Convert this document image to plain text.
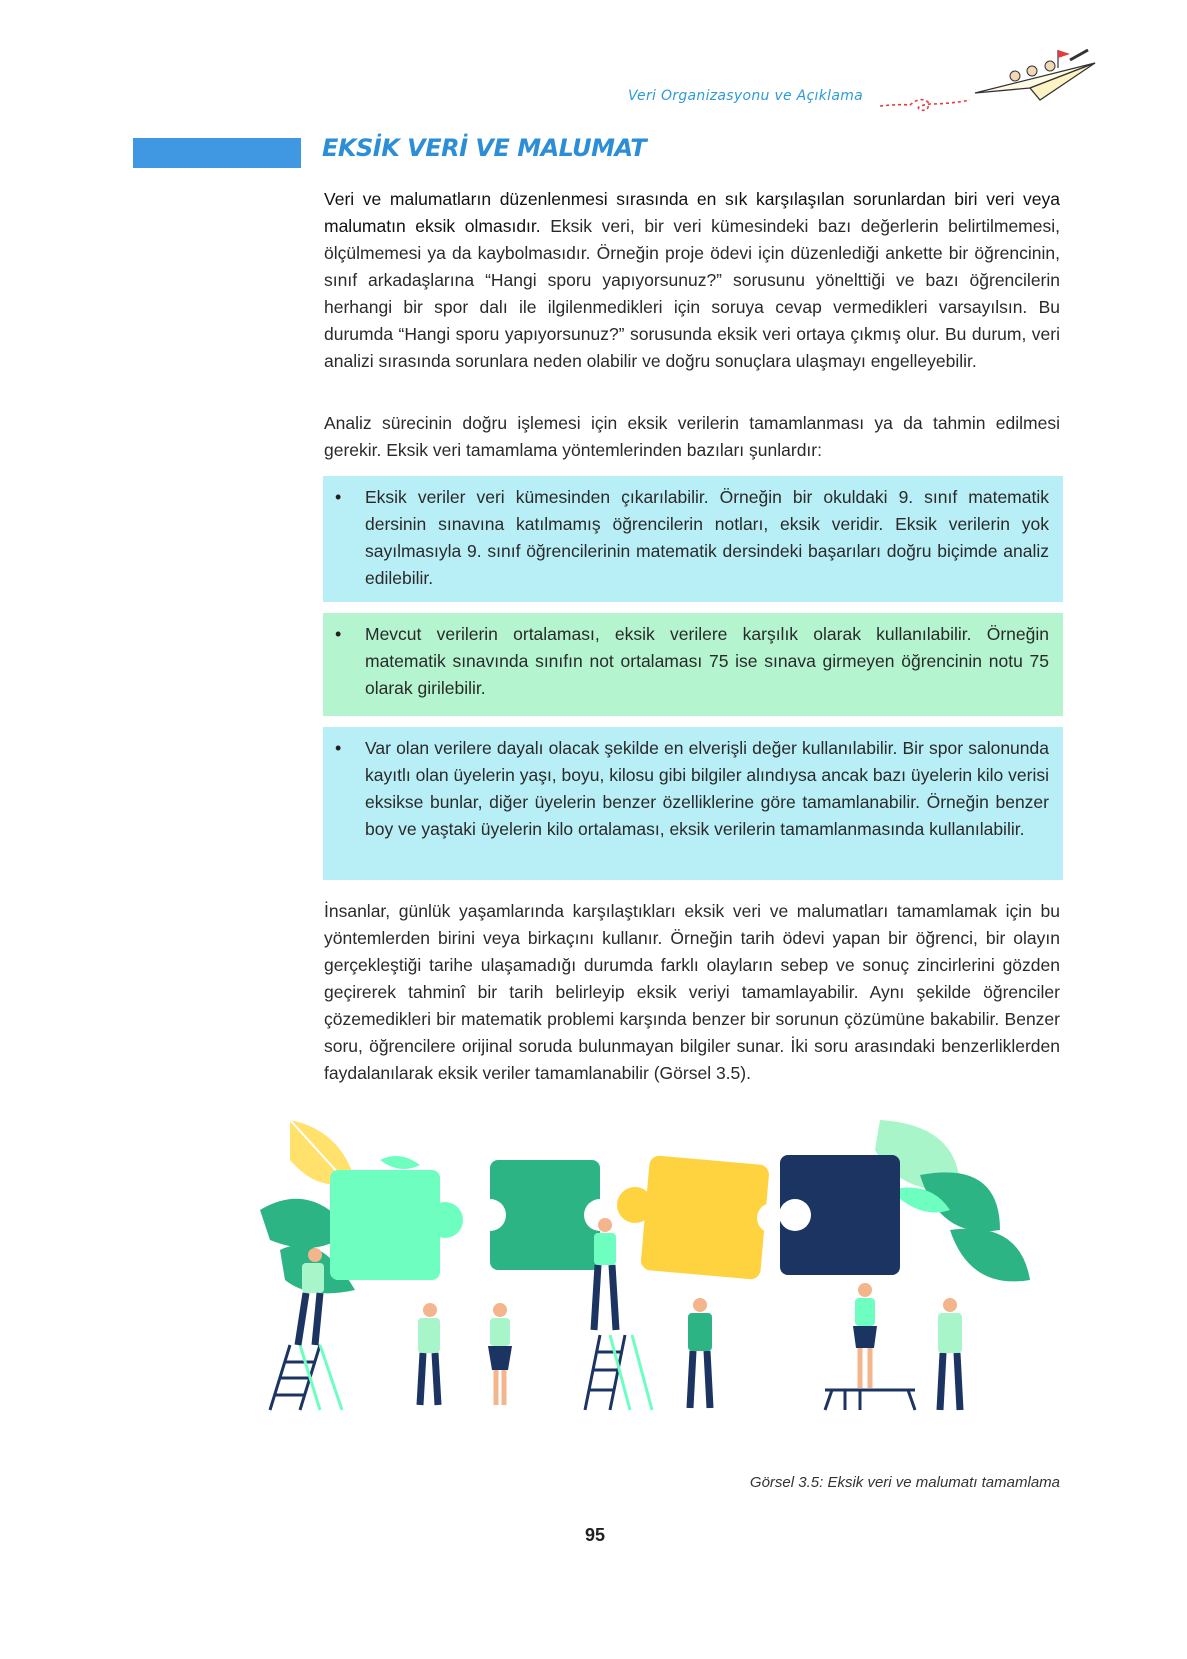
Veri Organizasyonu ve Açıklama
EKSİK VERİ VE MALUMAT

Veri ve malumatların düzenlenmesi sırasında en sık karşılaşılan sorunlardan biri veri veya malumatın eksik olmasıdır. Eksik veri, bir veri kümesindeki bazı değerlerin belirtilmemesi, ölçülmemesi ya da kaybolmasıdır. Örneğin proje ödevi için düzenlediği ankette bir öğrencinin, sınıf arkadaşlarına “Hangi sporu yapıyorsunuz?” sorusunu yönelttiği ve bazı öğrencilerin herhangi bir spor dalı ile ilgilenmedikleri için soruya cevap vermedikleri varsayılsın. Bu durumda “Hangi sporu yapıyorsunuz?” sorusunda eksik veri ortaya çıkmış olur. Bu durum, veri analizi sırasında sorunlara neden olabilir ve doğru sonuçlara ulaşmayı engelleyebilir.

Analiz sürecinin doğru işlemesi için eksik verilerin tamamlanması ya da tahmin edilmesi gerekir. Eksik veri tamamlama yöntemlerinden bazıları şunlardır:

• Eksik veriler veri kümesinden çıkarılabilir. Örneğin bir okuldaki 9. sınıf matematik dersinin sınavına katılmamış öğrencilerin notları, eksik veridir. Eksik verilerin yok sayılmasıyla 9. sınıf öğrencilerinin matematik dersindeki başarıları doğru biçimde analiz edilebilir.

• Mevcut verilerin ortalaması, eksik verilere karşılık olarak kullanılabilir. Örneğin matematik sınavında sınıfın not ortalaması 75 ise sınava girmeyen öğrencinin notu 75 olarak girilebilir.

• Var olan verilere dayalı olacak şekilde en elverişli değer kullanılabilir. Bir spor salonunda kayıtlı olan üyelerin yaşı, boyu, kilosu gibi bilgiler alındıysa ancak bazı üyelerin kilo verisi eksikse bunlar, diğer üyelerin benzer özelliklerine göre tamamlanabilir. Örneğin benzer boy ve yaştaki üyelerin kilo ortalaması, eksik verilerin tamamlanmasında kullanılabilir.

İnsanlar, günlük yaşamlarında karşılaştıkları eksik veri ve malumatları tamamlamak için bu yöntemlerden birini veya birkaçını kullanır. Örneğin tarih ödevi yapan bir öğrenci, bir olayın gerçekleştiği tarihe ulaşamadığı durumda farklı olayların sebep ve sonuç zincirlerini gözden geçirerek tahminî bir tarih belirleyip eksik veriyi tamamlayabilir. Aynı şekilde öğrenciler çözemedikleri bir matematik problemi karşında benzer bir sorunun çözümüne bakabilir. Benzer soru, öğrencilere orijinal soruda bulunmayan bilgiler sunar. İki soru arasındaki benzerliklerden faydalanılarak eksik veriler tamamlanabilir (Görsel 3.5).

Görsel 3.5: Eksik veri ve malumatı tamamlama
95
